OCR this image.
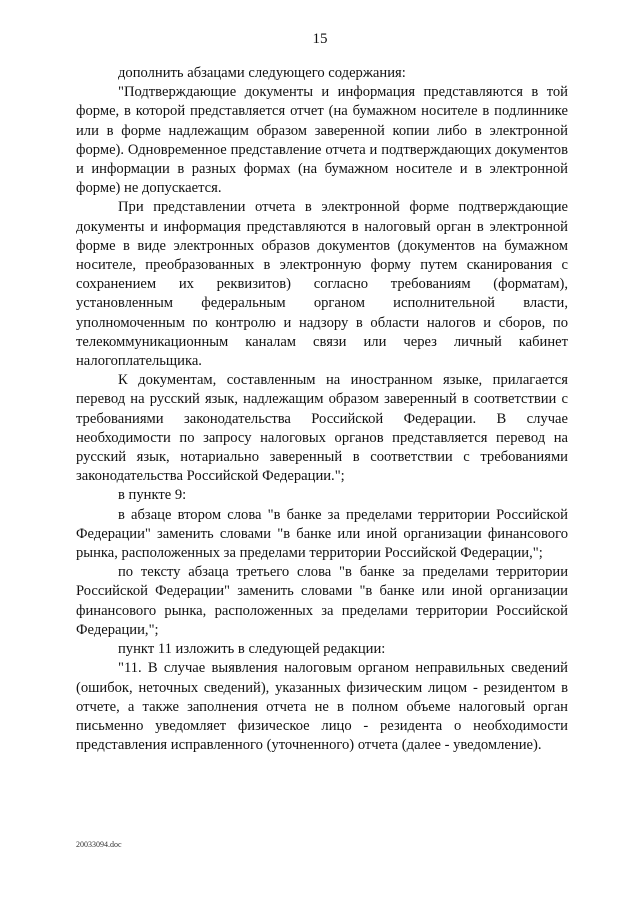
15

дополнить абзацами следующего содержания:

"Подтверждающие документы и информация представляются в той форме, в которой представляется отчет (на бумажном носителе в подлиннике или в форме надлежащим образом заверенной копии либо в электронной форме). Одновременное представление отчета и подтверждающих документов и информации в разных формах (на бумажном носителе и в электронной форме) не допускается.

При представлении отчета в электронной форме подтверждающие документы и информация представляются в налоговый орган в электронной форме в виде электронных образов документов (документов на бумажном носителе, преобразованных в электронную форму путем сканирования с сохранением их реквизитов) согласно требованиям (форматам), установленным федеральным органом исполнительной власти, уполномоченным по контролю и надзору в области налогов и сборов, по телекоммуникационным каналам связи или через личный кабинет налогоплательщика.

К документам, составленным на иностранном языке, прилагается перевод на русский язык, надлежащим образом заверенный в соответствии с требованиями законодательства Российской Федерации. В случае необходимости по запросу налоговых органов представляется перевод на русский язык, нотариально заверенный в соответствии с требованиями законодательства Российской Федерации.";

в пункте 9:

в абзаце втором слова "в банке за пределами территории Российской Федерации" заменить словами "в банке или иной организации финансового рынка, расположенных за пределами территории Российской Федерации,";

по тексту абзаца третьего слова "в банке за пределами территории Российской Федерации" заменить словами "в банке или иной организации финансового рынка, расположенных за пределами территории Российской Федерации,";

пункт 11 изложить в следующей редакции:

"11. В случае выявления налоговым органом неправильных сведений (ошибок, неточных сведений), указанных физическим лицом - резидентом в отчете, а также заполнения отчета не в полном объеме налоговый орган письменно уведомляет физическое лицо - резидента о необходимости представления исправленного (уточненного) отчета (далее - уведомление).

20033094.doc
